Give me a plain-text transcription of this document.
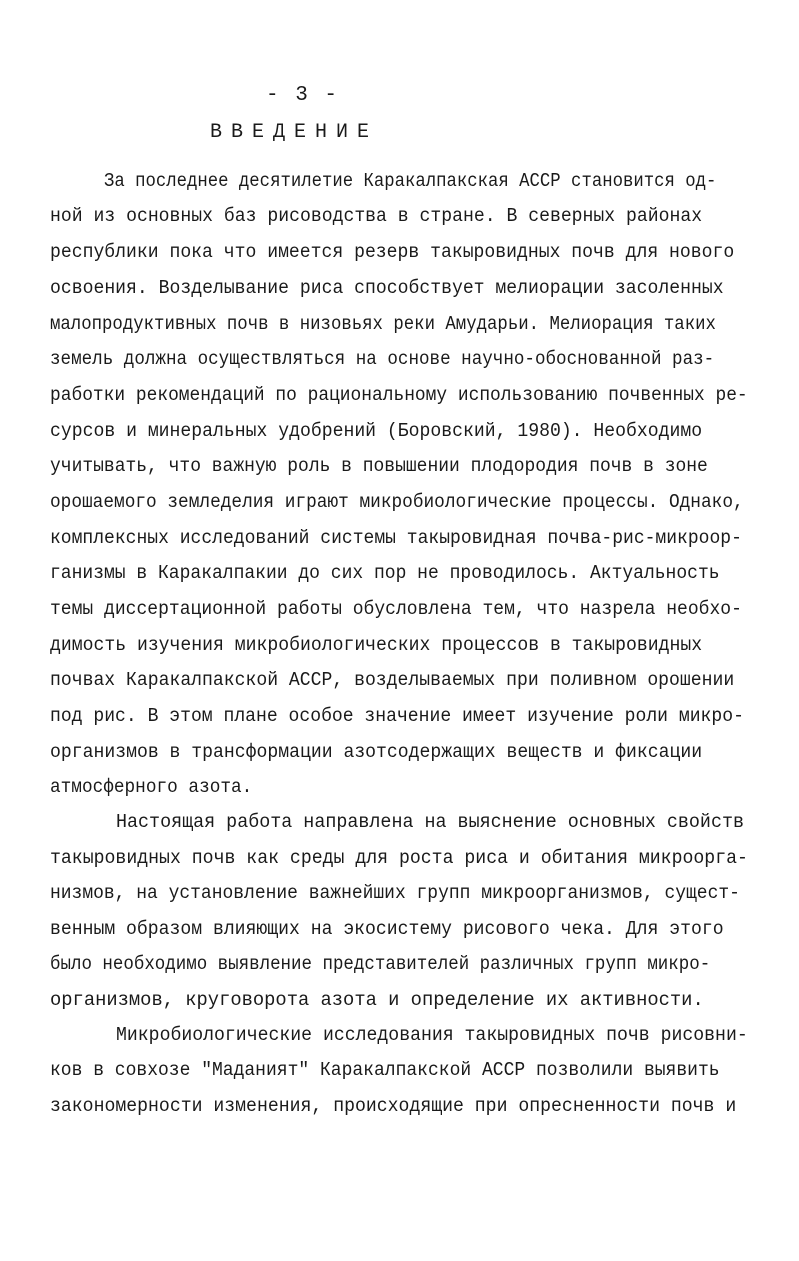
- 3 -
ВВЕДЕНИЕ
За последнее десятилетие Каракалпакская АССР становится од-
ной из основных баз рисоводства в стране. В северных районах
республики пока что имеется резерв такыровидных почв для нового
освоения. Возделывание риса способствует мелиорации засоленных
малопродуктивных почв в низовьях реки Амударьи. Мелиорация таких
земель должна осуществляться на основе научно-обоснованной раз-
работки рекомендаций по рациональному использованию почвенных ре-
сурсов и минеральных удобрений (Боровский, 1980). Необходимо
учитывать, что важную роль в повышении плодородия почв в зоне
орошаемого земледелия играют микробиологические процессы. Однако,
комплексных исследований системы такыровидная почва-рис-микроор-
ганизмы в Каракалпакии до сих пор не проводилось. Актуальность
темы диссертационной работы обусловлена тем, что назрела необхо-
димость изучения микробиологических процессов в такыровидных
почвах Каракалпакской АССР, возделываемых при поливном орошении
под рис. В этом плане особое значение имеет изучение роли микро-
организмов в трансформации азотсодержащих веществ и фиксации
атмосферного азота.
Настоящая работа направлена на выяснение основных свойств
такыровидных почв как среды для роста риса и обитания микроорга-
низмов, на установление важнейших групп микроорганизмов, сущест-
венным образом влияющих на экосистему рисового чека. Для этого
было необходимо выявление представителей различных групп микро-
организмов, круговорота азота и определение их активности.
Микробиологические исследования такыровидных почв рисовни-
ков в совхозе "Маданият" Каракалпакской АССР позволили выявить
закономерности изменения, происходящие при опресненности почв и
